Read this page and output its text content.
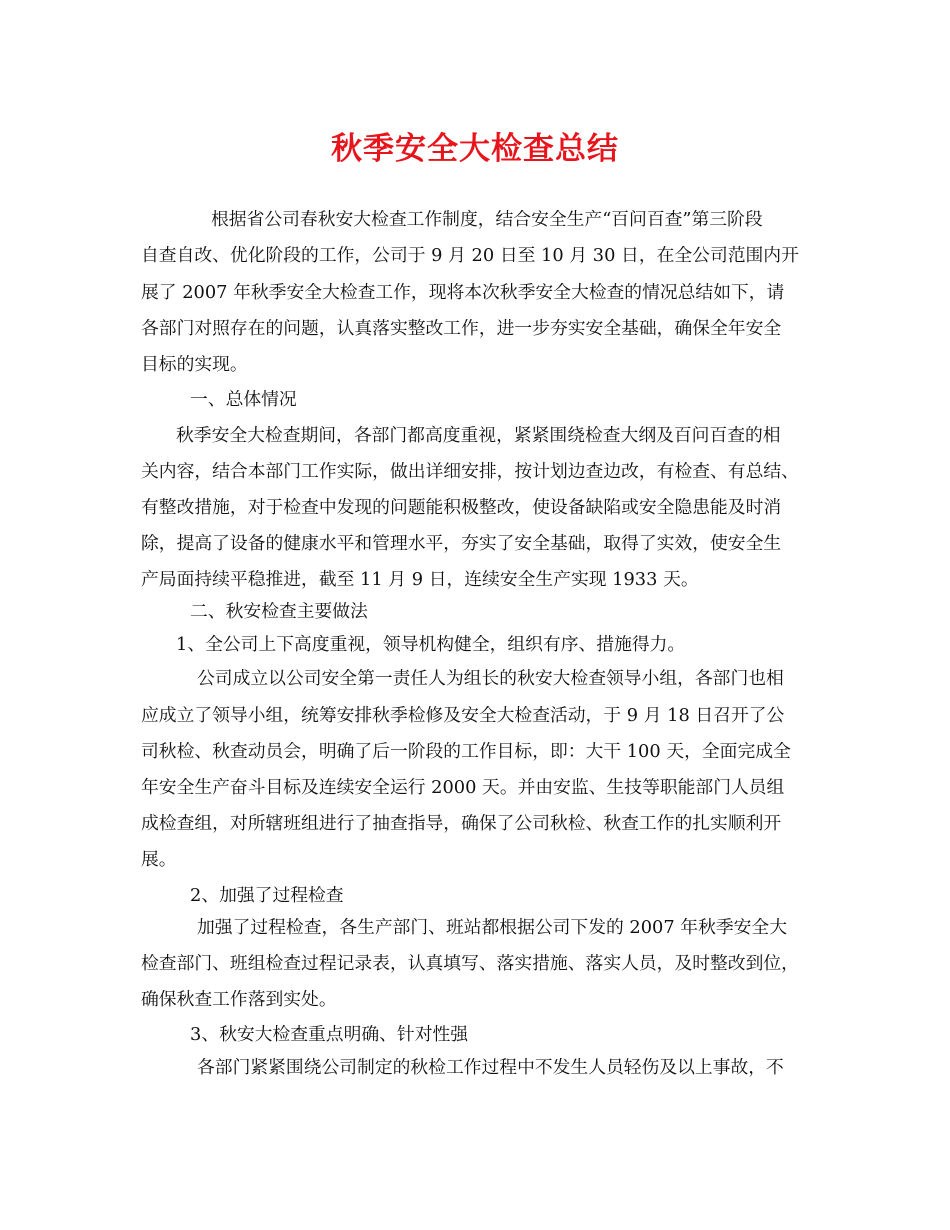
秋季安全大检查总结
根据省公司春秋安大检查工作制度，结合安全生产“百问百查”第三阶段
自查自改、优化阶段的工作，公司于 9 月 20 日至 10 月 30 日，在全公司范围内开
展了 2007 年秋季安全大检查工作，现将本次秋季安全大检查的情况总结如下，请
各部门对照存在的问题，认真落实整改工作，进一步夯实安全基础，确保全年安全
目标的实现。
一、总体情况
秋季安全大检查期间，各部门都高度重视，紧紧围绕检查大纲及百问百查的相
关内容，结合本部门工作实际，做出详细安排，按计划边查边改，有检查、有总结、
有整改措施，对于检查中发现的问题能积极整改，使设备缺陷或安全隐患能及时消
除，提高了设备的健康水平和管理水平，夯实了安全基础，取得了实效，使安全生
产局面持续平稳推进，截至 11 月 9 日，连续安全生产实现 1933 天。
二、秋安检查主要做法
1、全公司上下高度重视，领导机构健全，组织有序、措施得力。
公司成立以公司安全第一责任人为组长的秋安大检查领导小组，各部门也相
应成立了领导小组，统筹安排秋季检修及安全大检查活动，于 9 月 18 日召开了公
司秋检、秋查动员会，明确了后一阶段的工作目标，即：大干 100 天，全面完成全
年安全生产奋斗目标及连续安全运行 2000 天。并由安监、生技等职能部门人员组
成检查组，对所辖班组进行了抽查指导，确保了公司秋检、秋查工作的扎实顺利开
展。
2、加强了过程检查
加强了过程检查，各生产部门、班站都根据公司下发的 2007 年秋季安全大
检查部门、班组检查过程记录表，认真填写、落实措施、落实人员，及时整改到位，
确保秋查工作落到实处。
3、秋安大检查重点明确、针对性强
各部门紧紧围绕公司制定的秋检工作过程中不发生人员轻伤及以上事故，不
